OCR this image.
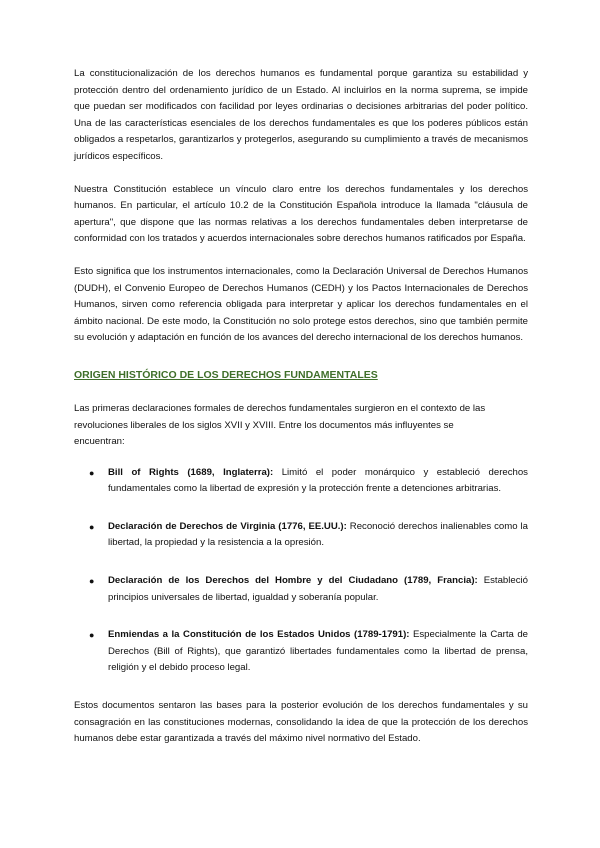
La constitucionalización de los derechos humanos es fundamental porque garantiza su estabilidad y protección dentro del ordenamiento jurídico de un Estado. Al incluirlos en la norma suprema, se impide que puedan ser modificados con facilidad por leyes ordinarias o decisiones arbitrarias del poder político. Una de las características esenciales de los derechos fundamentales es que los poderes públicos están obligados a respetarlos, garantizarlos y protegerlos, asegurando su cumplimiento a través de mecanismos jurídicos específicos.

Nuestra Constitución establece un vínculo claro entre los derechos fundamentales y los derechos humanos. En particular, el artículo 10.2 de la Constitución Española introduce la llamada "cláusula de apertura", que dispone que las normas relativas a los derechos fundamentales deben interpretarse de conformidad con los tratados y acuerdos internacionales sobre derechos humanos ratificados por España.

Esto significa que los instrumentos internacionales, como la Declaración Universal de Derechos Humanos (DUDH), el Convenio Europeo de Derechos Humanos (CEDH) y los Pactos Internacionales de Derechos Humanos, sirven como referencia obligada para interpretar y aplicar los derechos fundamentales en el ámbito nacional. De este modo, la Constitución no solo protege estos derechos, sino que también permite su evolución y adaptación en función de los avances del derecho internacional de los derechos humanos.

ORIGEN HISTÓRICO DE LOS DERECHOS FUNDAMENTALES

Las primeras declaraciones formales de derechos fundamentales surgieron en el contexto de las revoluciones liberales de los siglos XVII y XVIII. Entre los documentos más influyentes se encuentran:

● Bill of Rights (1689, Inglaterra): Limitó el poder monárquico y estableció derechos fundamentales como la libertad de expresión y la protección frente a detenciones arbitrarias.
● Declaración de Derechos de Virginia (1776, EE.UU.): Reconoció derechos inalienables como la libertad, la propiedad y la resistencia a la opresión.
● Declaración de los Derechos del Hombre y del Ciudadano (1789, Francia): Estableció principios universales de libertad, igualdad y soberanía popular.
● Enmiendas a la Constitución de los Estados Unidos (1789-1791): Especialmente la Carta de Derechos (Bill of Rights), que garantizó libertades fundamentales como la libertad de prensa, religión y el debido proceso legal.

Estos documentos sentaron las bases para la posterior evolución de los derechos fundamentales y su consagración en las constituciones modernas, consolidando la idea de que la protección de los derechos humanos debe estar garantizada a través del máximo nivel normativo del Estado.
